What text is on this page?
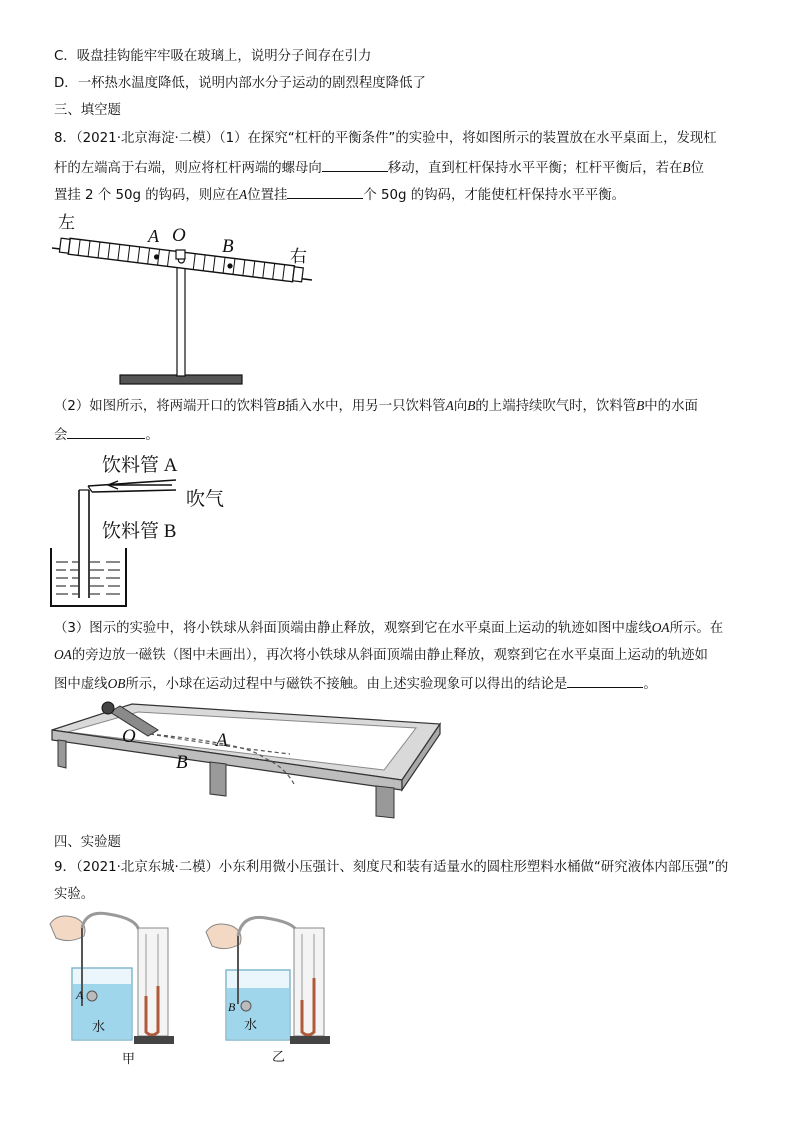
C．吸盘挂钩能牢牢吸在玻璃上，说明分子间存在引力
D．一杯热水温度降低，说明内部水分子运动的剧烈程度降低了
三、填空题
8．（2021·北京海淀·二模）（1）在探究“杠杆的平衡条件”的实验中，将如图所示的装置放在水平桌面上，发现杠
杆的左端高于右端，则应将杠杆两端的螺母向	移动，直到杠杆保持水平平衡；杠杆平衡后，若在B位
置挂 2 个 50g 的钩码，则应在A位置挂	个 50g 的钩码，才能使杠杆保持水平平衡。
左
A O
B	右
（2）如图所示，将两端开口的饮料管B插入水中，用另一只饮料管A向B的上端持续吹气时，饮料管B中的水面
会	。
饮料管 A
吹气
饮料管 B
（3）图示的实验中，将小铁球从斜面顶端由静止释放，观察到它在水平桌面上运动的轨迹如图中虚线OA所示。在
OA的旁边放一磁铁（图中未画出），再次将小铁球从斜面顶端由静止释放，观察到它在水平桌面上运动的轨迹如
图中虚线OB所示，小球在运动过程中与磁铁不接触。由上述实验现象可以得出的结论是	。
O	A
B
四、实验题
9．（2021·北京东城·二模）小东利用微小压强计、刻度尺和装有适量水的圆柱形塑料水桶做“研究液体内部压强”的
实验。
A
水
甲
B
水
乙
